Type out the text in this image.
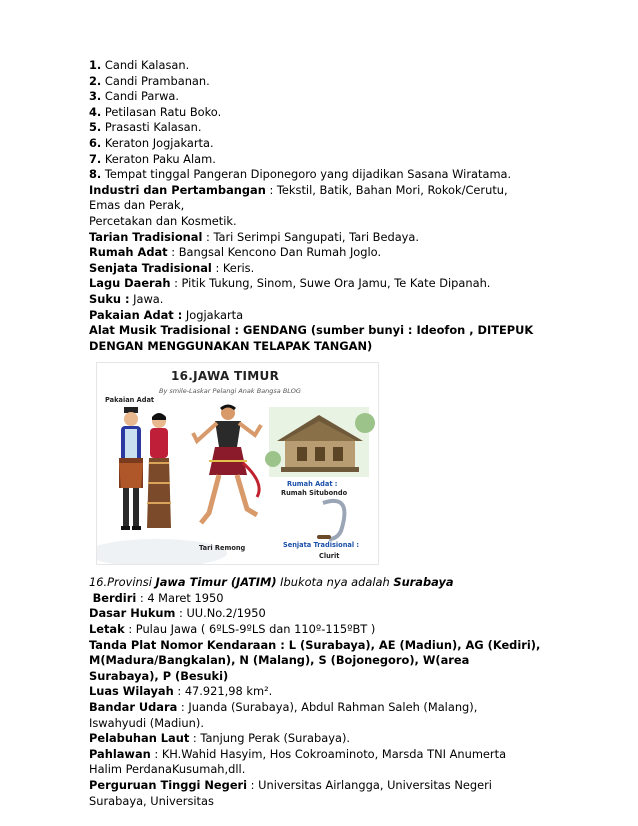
1. Candi Kalasan.
2. Candi Prambanan.
3. Candi Parwa.
4. Petilasan Ratu Boko.
5. Prasasti Kalasan.
6. Keraton Jogjakarta.
7. Keraton Paku Alam.
8. Tempat tinggal Pangeran Diponegoro yang dijadikan Sasana Wiratama.
Industri dan Pertambangan : Tekstil, Batik, Bahan Mori, Rokok/Cerutu,
Emas dan Perak,
Percetakan dan Kosmetik.
Tarian Tradisional : Tari Serimpi Sangupati, Tari Bedaya.
Rumah Adat : Bangsal Kencono Dan Rumah Joglo.
Senjata Tradisional : Keris.
Lagu Daerah : Pitik Tukung, Sinom, Suwe Ora Jamu, Te Kate Dipanah.
Suku : Jawa.
Pakaian Adat : Jogjakarta
Alat Musik Tradisional : GENDANG (sumber bunyi : Ideofon , DITEPUK
DENGAN MENGGUNAKAN TELAPAK TANGAN)
16.JAWA TIMUR
By smile-Laskar Pelangi Anak Bangsa BLOG
Pakaian Adat
Tari Remong
Rumah Adat :
Rumah Situbondo
Senjata Tradisional :
Clurit
16.Provinsi Jawa Timur (JATIM) Ibukota nya adalah Surabaya
Berdiri : 4 Maret 1950
Dasar Hukum : UU.No.2/1950
Letak : Pulau Jawa ( 6ºLS-9ºLS dan 110º-115ºBT )
Tanda Plat Nomor Kendaraan : L (Surabaya), AE (Madiun), AG (Kediri),
M(Madura/Bangkalan), N (Malang), S (Bojonegoro), W(area
Surabaya), P (Besuki)
Luas Wilayah : 47.921,98 km².
Bandar Udara : Juanda (Surabaya), Abdul Rahman Saleh (Malang),
Iswahyudi (Madiun).
Pelabuhan Laut : Tanjung Perak (Surabaya).
Pahlawan : KH.Wahid Hasyim, Hos Cokroaminoto, Marsda TNI Anumerta
Halim PerdanaKusumah,dll.
Perguruan Tinggi Negeri : Universitas Airlangga, Universitas Negeri
Surabaya, Universitas
